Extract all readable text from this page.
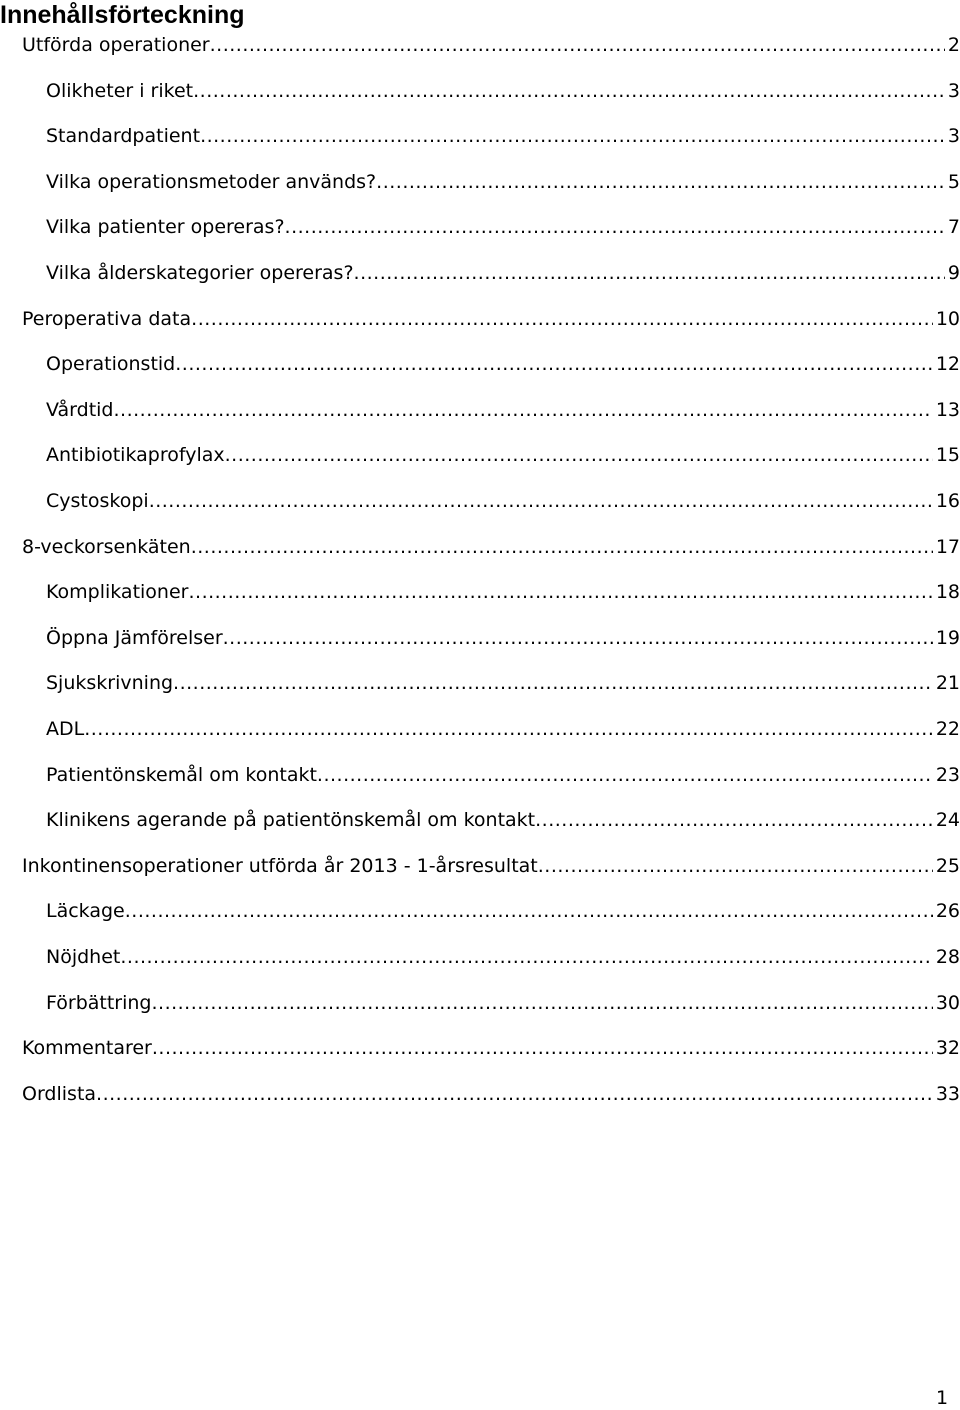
Innehållsförteckning
Utförda operationer .....	2
Olikheter i riket .....	3
Standardpatient .....	3
Vilka operationsmetoder används? .....	5
Vilka patienter opereras? .....	7
Vilka ålderskategorier opereras? .....	9
Peroperativa data .....	10
Operationstid .....	12
Vårdtid .....	13
Antibiotikaprofylax .....	15
Cystoskopi .....	16
8-veckorsenkäten .....	17
Komplikationer .....	18
Öppna Jämförelser .....	19
Sjukskrivning .....	21
ADL .....	22
Patientönskemål om kontakt .....	23
Klinikens agerande på patientönskemål om kontakt .....	24
Inkontinensoperationer utförda år 2013 - 1-årsresultat .....	25
Läckage .....	26
Nöjdhet .....	28
Förbättring .....	30
Kommentarer .....	32
Ordlista .....	33
1
